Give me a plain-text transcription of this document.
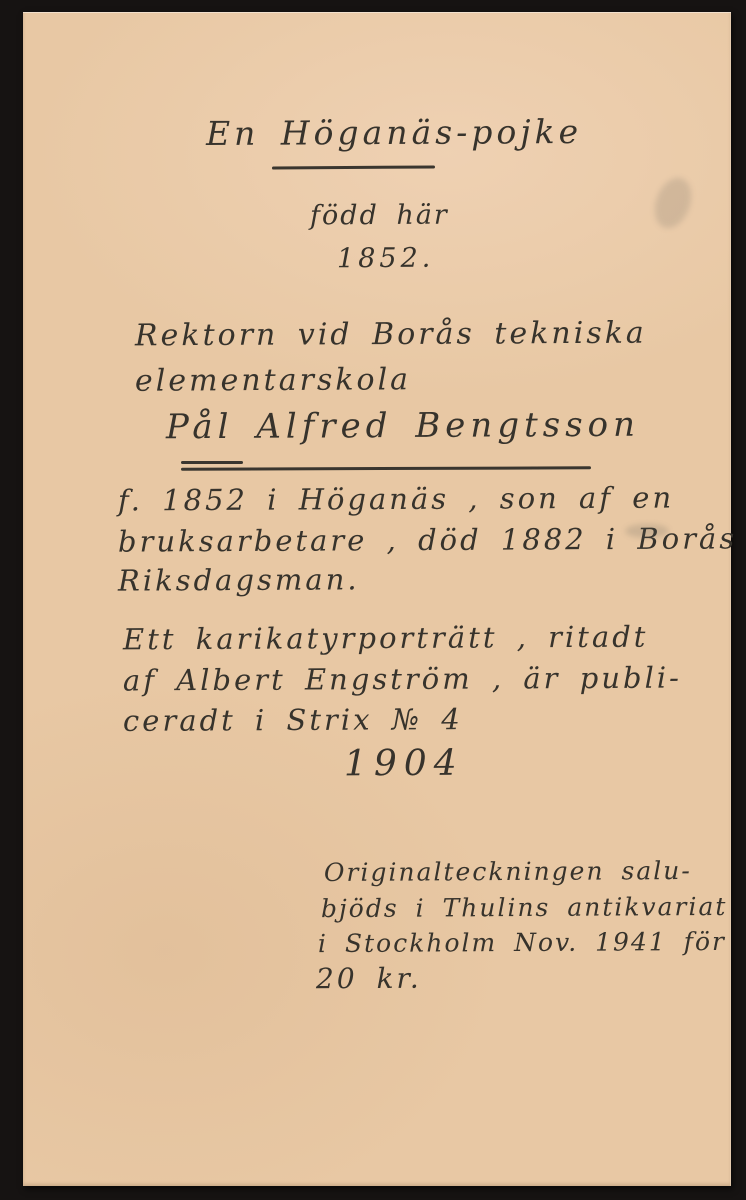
En Höganäs-pojke
född här
1852.
Rektorn vid Borås tekniska
elementarskola
Pål Alfred Bengtsson
f. 1852 i Höganäs , son af en
bruksarbetare , död 1882 i Borås
Riksdagsman.
Ett karikatyrporträtt , ritadt
af Albert Engström , är publi-
ceradt i Strix № 4
1904
Originalteckningen salu-
bjöds i Thulins antikvariat
i Stockholm Nov. 1941 för
20 kr.
